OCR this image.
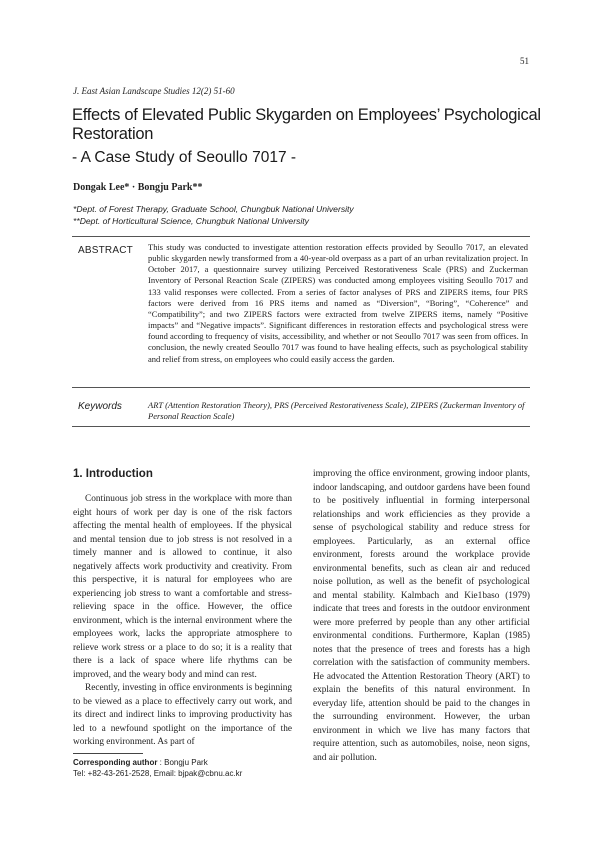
51
J. East Asian Landscape Studies 12(2) 51-60
Effects of Elevated Public Skygarden on Employees’ Psychological Restoration
- A Case Study of Seoullo 7017 -
Dongak Lee* · Bongju Park**
*Dept. of Forest Therapy, Graduate School, Chungbuk National University
**Dept. of Horticultural Science, Chungbuk National University
ABSTRACT This study was conducted to investigate attention restoration effects provided by Seoullo 7017, an elevated public skygarden newly transformed from a 40-year-old overpass as a part of an urban revitalization project. In October 2017, a questionnaire survey utilizing Perceived Restorativeness Scale (PRS) and Zuckerman Inventory of Personal Reaction Scale (ZIPERS) was conducted among employees visiting Seoullo 7017 and 133 valid responses were collected. From a series of factor analyses of PRS and ZIPERS items, four PRS factors were derived from 16 PRS items and named as “Diversion”, “Boring”, “Coherence” and “Compatibility”; and two ZIPERS factors were extracted from twelve ZIPERS items, namely “Positive impacts” and “Negative impacts”. Significant differences in restoration effects and psychological stress were found according to frequency of visits, accessibility, and whether or not Seoullo 7017 was seen from offices. In conclusion, the newly created Seoullo 7017 was found to have healing effects, such as psychological stability and relief from stress, on employees who could easily access the garden.
Keywords	ART (Attention Restoration Theory), PRS (Perceived Restorativeness Scale), ZIPERS (Zuckerman Inventory of Personal Reaction Scale)
1. Introduction

Continuous job stress in the workplace with more than eight hours of work per day is one of the risk factors affecting the mental health of employees. If the physical and mental tension due to job stress is not resolved in a timely manner and is allowed to continue, it also negatively affects work productivity and creativity. From this perspective, it is natural for employees who are experiencing job stress to want a comfortable and stress-relieving space in the office. However, the office environment, which is the internal environment where the employees work, lacks the appropriate atmosphere to relieve work stress or a place to do so; it is a reality that there is a lack of space where life rhythms can be improved, and the weary body and mind can rest.

Recently, investing in office environments is beginning to be viewed as a place to effectively carry out work, and its direct and indirect links to improving productivity has led to a newfound spotlight on the importance of the working environment. As part of

improving the office environment, growing indoor plants, indoor landscaping, and outdoor gardens have been found to be positively influential in forming interpersonal relationships and work efficiencies as they provide a sense of psychological stability and reduce stress for employees. Particularly, as an external office environment, forests around the workplace provide environmental benefits, such as clean air and reduced noise pollution, as well as the benefit of psychological and mental stability. Kalmbach and Kie1baso (1979) indicate that trees and forests in the outdoor environment were more preferred by people than any other artificial environmental conditions. Furthermore, Kaplan (1985) notes that the presence of trees and forests has a high correlation with the satisfaction of community members. He advocated the Attention Restoration Theory (ART) to explain the benefits of this natural environment. In everyday life, attention should be paid to the changes in the surrounding environment. However, the urban environment in which we live has many factors that require attention, such as automobiles, noise, neon signs, and air pollution.

Corresponding author : Bongju Park
Tel: +82-43-261-2528, Email: bjpak@cbnu.ac.kr
